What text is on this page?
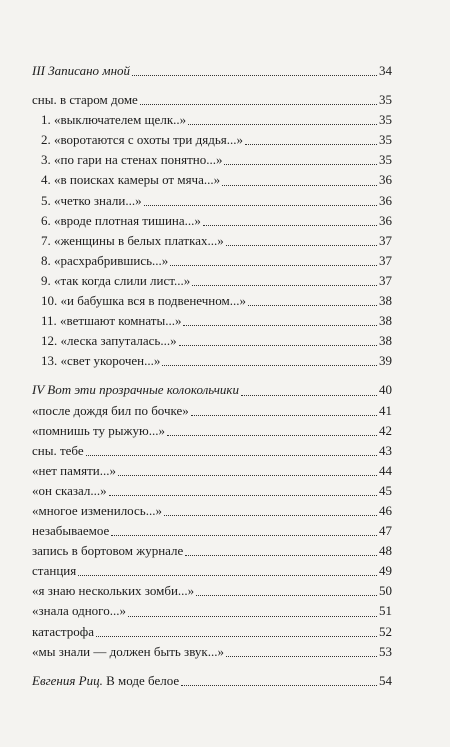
III Записано мной	34
сны. в старом доме	35
1. «выключателем щелк..»	35
2. «воротаются с охоты три дядья...»	35
3. «по гари на стенах понятно...»	35
4. «в поисках камеры от мяча...»	36
5. «четко знали...»	36
6. «вроде плотная тишина...»	36
7. «женщины в белых платках...»	37
8. «расхрабрившись...»	37
9. «так когда слили лист...»	37
10. «и бабушка вся в подвенечном...»	38
11. «ветшают комнаты...»	38
12. «леска запуталась...»	38
13. «свет укорочен...»	39
IV Вот эти прозрачные колокольчики	40
«после дождя бил по бочке»	41
«помнишь ту рыжую...»	42
сны. тебе	43
«нет памяти...»	44
«он сказал...»	45
«многое изменилось...»	46
незабываемое	47
запись в бортовом журнале	48
станция	49
«я знаю нескольких зомби...»	50
«знала одного...»	51
катастрофа	52
«мы знали — должен быть звук...»	53
Евгения Риц. В моде белое	54
